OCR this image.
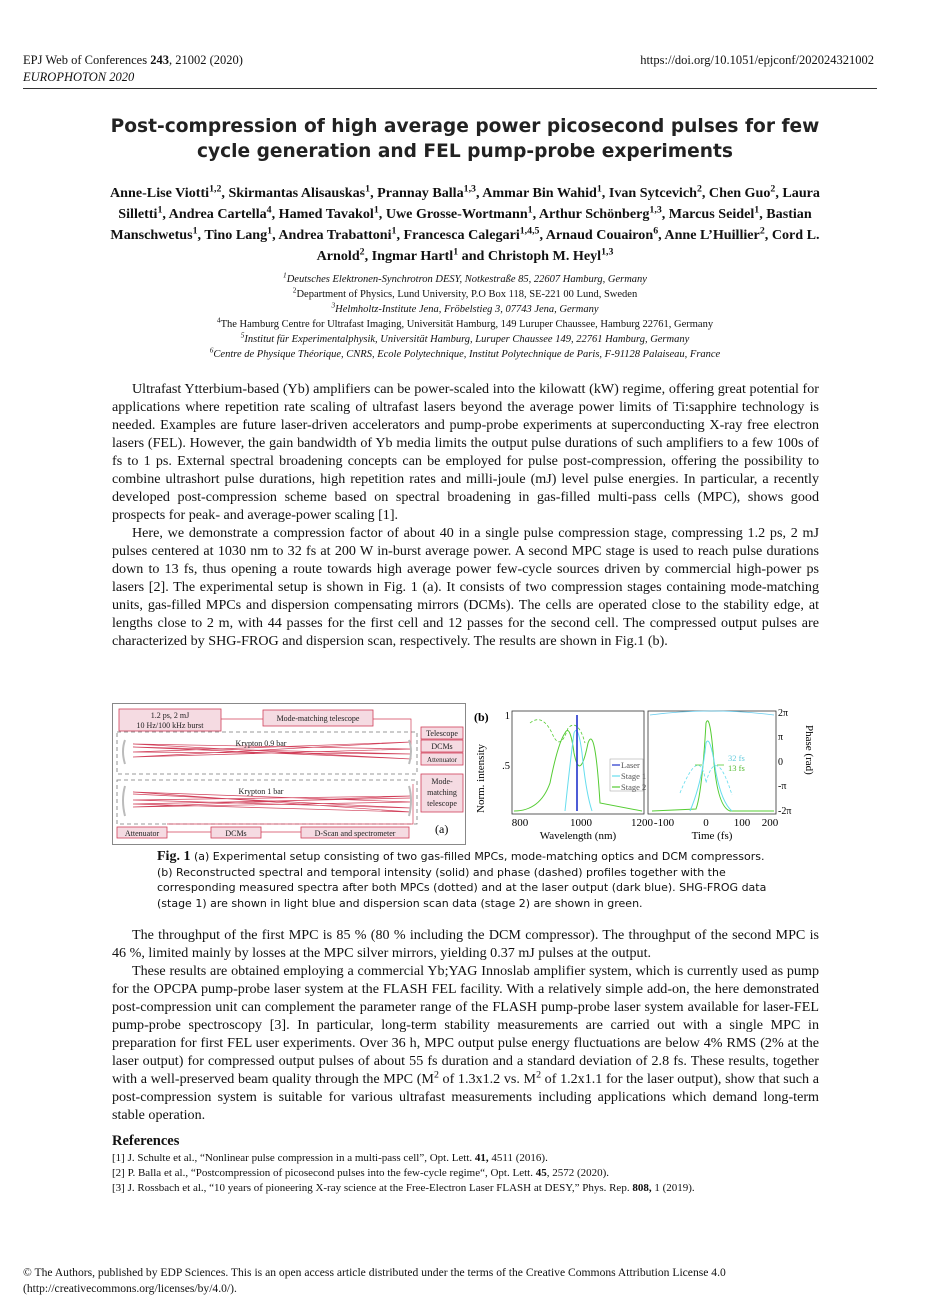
EPJ Web of Conferences 243, 21002 (2020)
EUROPHOTON 2020
https://doi.org/10.1051/epjconf/202024321002
Post-compression of high average power picosecond pulses for few
cycle generation and FEL pump-probe experiments
Anne-Lise Viotti$^{1,2}$, Skirmantas Alisauskas$^1$, Prannay Balla$^{1,3}$, Ammar Bin Wahid$^1$, Ivan Sytcevich$^2$, Chen Guo$^2$, Laura Silletti$^1$, Andrea Cartella$^4$, Hamed Tavakol$^1$, Uwe Grosse-Wortmann$^1$, Arthur Schönberg$^{1,3}$, Marcus Seidel$^1$, Bastian Manschwetus$^1$, Tino Lang$^1$, Andrea Trabattoni$^1$, Francesca Calegari$^{1,4,5}$, Arnaud Couairon$^6$, Anne L’Huillier$^2$, Cord L. Arnold$^2$, Ingmar Hartl$^1$ and Christoph M. Heyl$^{1,3}$
$^1$Deutsches Elektronen-Synchrotron DESY, Notkestraße 85, 22607 Hamburg, Germany
$^2$Department of Physics, Lund University, P.O Box 118, SE-221 00 Lund, Sweden
$^3$Helmholtz-Institute Jena, Fröbelstieg 3, 07743 Jena, Germany
$^4$The Hamburg Centre for Ultrafast Imaging, Universität Hamburg, 149 Luruper Chaussee, Hamburg 22761, Germany
$^5$Institut für Experimentalphysik, Universität Hamburg, Luruper Chaussee 149, 22761 Hamburg, Germany
$^6$Centre de Physique Théorique, CNRS, Ecole Polytechnique, Institut Polytechnique de Paris, F-91128 Palaiseau, France

Ultrafast Ytterbium-based (Yb) amplifiers can be power-scaled into the kilowatt (kW) regime, offering great potential for applications where repetition rate scaling of ultrafast lasers beyond the average power limits of Ti:sapphire technology is needed. Examples are future laser-driven accelerators and pump-probe experiments at superconducting X-ray free electron lasers (FEL). However, the gain bandwidth of Yb media limits the output pulse durations of such amplifiers to a few 100s of fs to 1 ps. External spectral broadening concepts can be employed for pulse post-compression, offering the possibility to combine ultrashort pulse durations, high repetition rates and milli-joule (mJ) level pulse energies. In particular, a recently developed post-compression scheme based on spectral broadening in gas-filled multi-pass cells (MPC), shows good prospects for peak- and average-power scaling [1].

Here, we demonstrate a compression factor of about 40 in a single pulse compression stage, compressing 1.2 ps, 2 mJ pulses centered at 1030 nm to 32 fs at 200 W in-burst average power. A second MPC stage is used to reach pulse durations down to 13 fs, thus opening a route towards high average power few-cycle sources driven by commercial high-power ps lasers [2]. The experimental setup is shown in Fig. 1 (a). It consists of two compression stages containing mode-matching units, gas-filled MPCs and dispersion compensating mirrors (DCMs). The cells are operated close to the stability edge, at lengths close to 2 m, with 44 passes for the first cell and 12 passes for the second cell. The compressed output pulses are characterized by SHG-FROG and dispersion scan, respectively. The results are shown in Fig.1 (b).

1.2 ps, 2 mJ
10 Hz/100 kHz burst
Mode-matching telescope
Telescope
DCMs
Attenuator
Mode-
matching
telescope
Krypton 0.9 bar
Krypton 1 bar
Attenuator	DCMs	D-Scan and spectrometer	(a)
Laser
Stage 1
Stage 2
32 fs
13 fs
Norm. intensity	Phase (rad)
.5
1	2π
π
0
-π
-2π
800	1000	1200 -100	0 100 200
Wavelength (nm)	Time (fs)
(b)
Fig. 1 (a) Experimental setup consisting of two gas-filled MPCs, mode-matching optics and DCM compressors. (b) Reconstructed spectral and temporal intensity (solid) and phase (dashed) profiles together with the corresponding measured spectra after both MPCs (dotted) and at the laser output (dark blue). SHG-FROG data (stage 1) are shown in light blue and dispersion scan data (stage 2) are shown in green.

The throughput of the first MPC is 85 % (80 % including the DCM compressor). The throughput of the second MPC is 46 %, limited mainly by losses at the MPC silver mirrors, yielding 0.37 mJ pulses at the output.

These results are obtained employing a commercial Yb;YAG Innoslab amplifier system, which is currently used as pump for the OPCPA pump-probe laser system at the FLASH FEL facility. With a relatively simple add-on, the here demonstrated post-compression unit can complement the parameter range of the FLASH pump-probe laser system available for laser-FEL pump-probe spectroscopy [3]. In particular, long-term stability measurements are carried out with a single MPC in preparation for first FEL user experiments. Over 36 h, MPC output pulse energy fluctuations are below 4% RMS (2% at the laser output) for compressed output pulses of about 55 fs duration and a standard deviation of 2.8 fs. These results, together with a well-preserved beam quality through the MPC ($M^2$ of 1.3x1.2 vs. $M^2$ of 1.2x1.1 for the laser output), show that such a post-compression system is suitable for various ultrafast measurements including applications which demand long-term stable operation.

References
[1] J. Schulte et al., “Nonlinear pulse compression in a multi-pass cell”, Opt. Lett. 41, 4511 (2016).
[2] P. Balla et al., “Postcompression of picosecond pulses into the few-cycle regime“, Opt. Lett. 45, 2572 (2020).
[3] J. Rossbach et al., “10 years of pioneering X-ray science at the Free-Electron Laser FLASH at DESY,” Phys. Rep. 808, 1 (2019).
© The Authors, published by EDP Sciences. This is an open access article distributed under the terms of the Creative Commons Attribution License 4.0
(http://creativecommons.org/licenses/by/4.0/).
